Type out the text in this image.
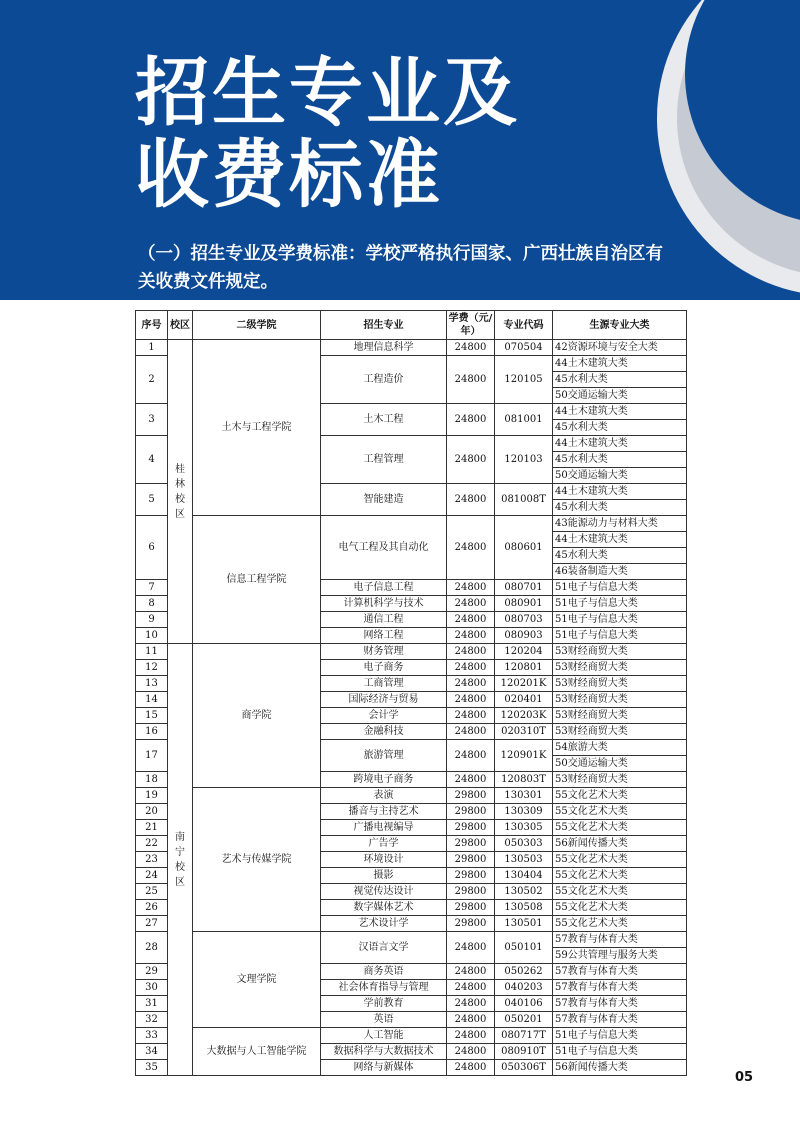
招生专业及
收费标准

（一）招生专业及学费标准：学校严格执行国家、广西壮族自治区有关收费文件规定。

序号	校区	二级学院	招生专业	学费（元/年）	专业代码	生源专业大类
1	桂林校区	土木与工程学院	地理信息科学	24800	070504	42资源环境与安全大类
2			工程造价	24800	120105	44土木建筑大类
						45水利大类
						50交通运输大类
3			土木工程	24800	081001	44土木建筑大类
						45水利大类
4			工程管理	24800	120103	44土木建筑大类
						45水利大类
						50交通运输大类
5			智能建造	24800	081008T	44土木建筑大类
						45水利大类
6		信息工程学院	电气工程及其自动化	24800	080601	43能源动力与材料大类
						44土木建筑大类
						45水利大类
						46装备制造大类
7			电子信息工程	24800	080701	51电子与信息大类
8			计算机科学与技术	24800	080901	51电子与信息大类
9			通信工程	24800	080703	51电子与信息大类
10			网络工程	24800	080903	51电子与信息大类
11	南宁校区	商学院	财务管理	24800	120204	53财经商贸大类
12			电子商务	24800	120801	53财经商贸大类
13			工商管理	24800	120201K	53财经商贸大类
14			国际经济与贸易	24800	020401	53财经商贸大类
15			会计学	24800	120203K	53财经商贸大类
16			金融科技	24800	020310T	53财经商贸大类
17			旅游管理	24800	120901K	54旅游大类
						50交通运输大类
18			跨境电子商务	24800	120803T	53财经商贸大类
19		艺术与传媒学院	表演	29800	130301	55文化艺术大类
20			播音与主持艺术	29800	130309	55文化艺术大类
21			广播电视编导	29800	130305	55文化艺术大类
22			广告学	29800	050303	56新闻传播大类
23			环境设计	29800	130503	55文化艺术大类
24			摄影	29800	130404	55文化艺术大类
25			视觉传达设计	29800	130502	55文化艺术大类
26			数字媒体艺术	29800	130508	55文化艺术大类
27			艺术设计学	29800	130501	55文化艺术大类
28		文理学院	汉语言文学	24800	050101	57教育与体育大类
						59公共管理与服务大类
29			商务英语	24800	050262	57教育与体育大类
30			社会体育指导与管理	24800	040203	57教育与体育大类
31			学前教育	24800	040106	57教育与体育大类
32			英语	24800	050201	57教育与体育大类
33		大数据与人工智能学院	人工智能	24800	080717T	51电子与信息大类
34			数据科学与大数据技术	24800	080910T	51电子与信息大类
35			网络与新媒体	24800	050306T	56新闻传播大类
05
